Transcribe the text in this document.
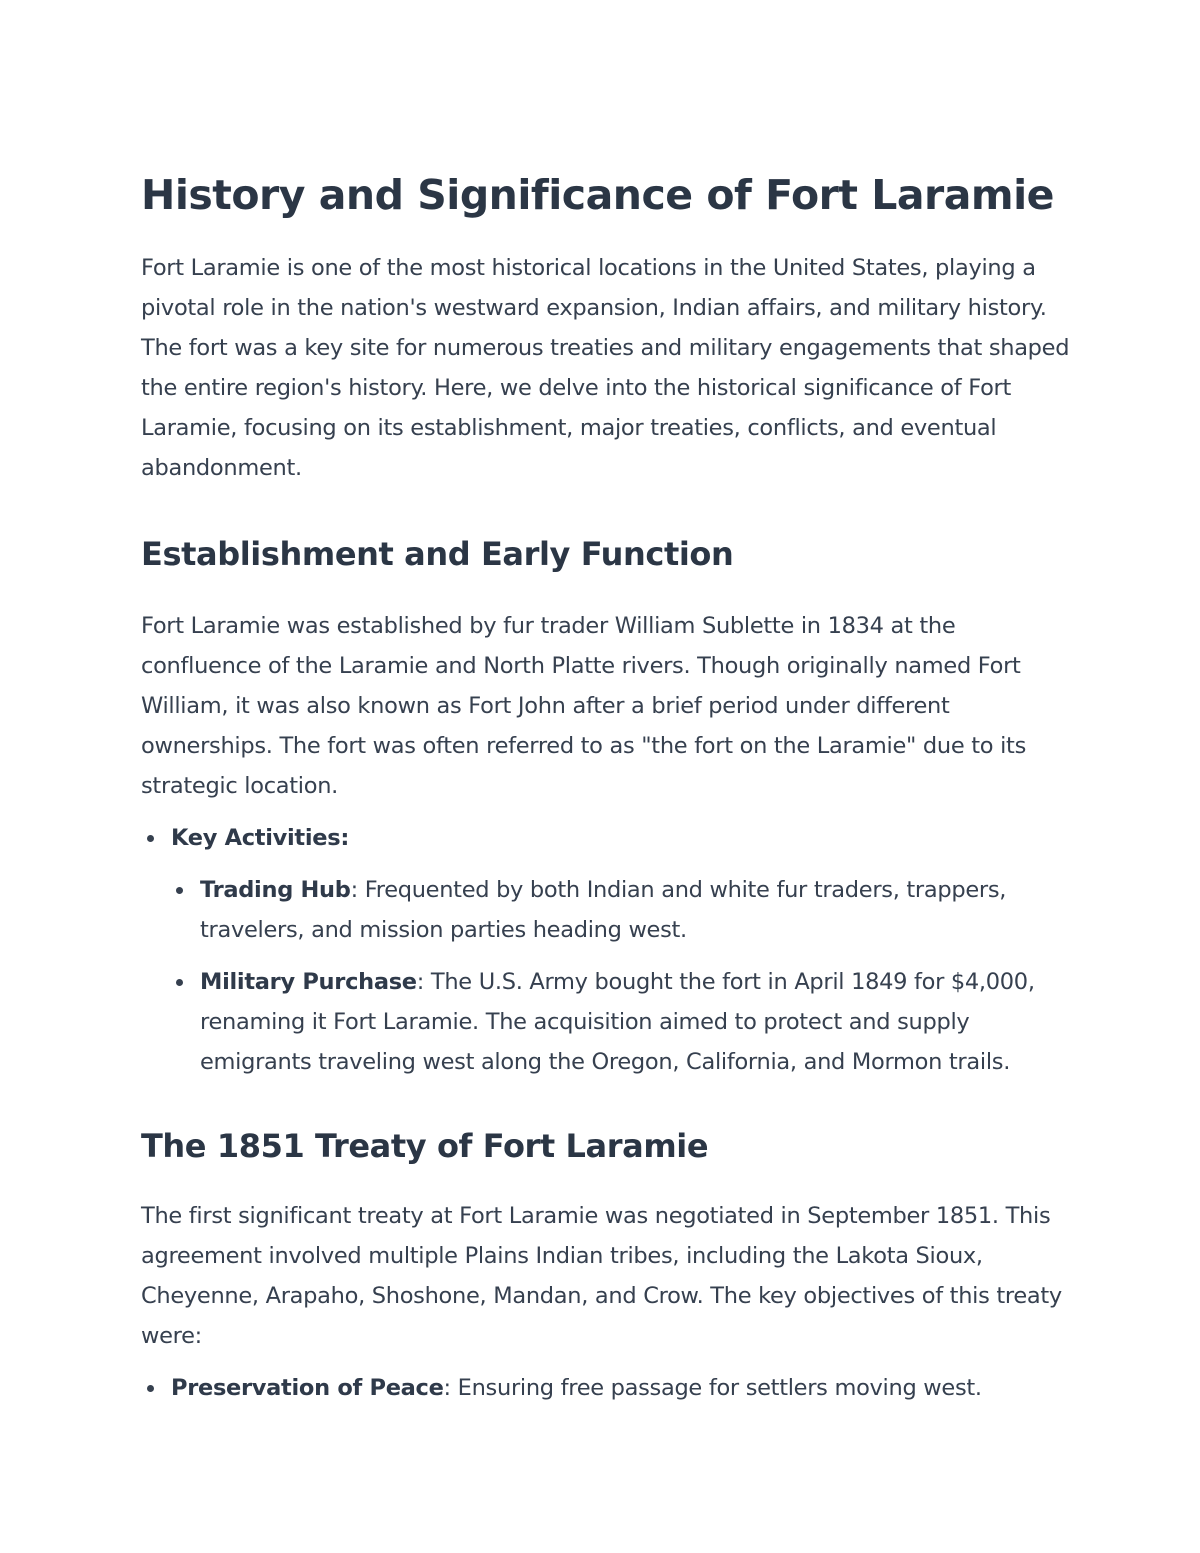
History and Significance of Fort Laramie

Fort Laramie is one of the most historical locations in the United States, playing a pivotal role in the nation's westward expansion, Indian affairs, and military history. The fort was a key site for numerous treaties and military engagements that shaped the entire region's history. Here, we delve into the historical significance of Fort Laramie, focusing on its establishment, major treaties, conflicts, and eventual abandonment.

Establishment and Early Function

Fort Laramie was established by fur trader William Sublette in 1834 at the confluence of the Laramie and North Platte rivers. Though originally named Fort William, it was also known as Fort John after a brief period under different ownerships. The fort was often referred to as "the fort on the Laramie" due to its strategic location.

Key Activities:
Trading Hub: Frequented by both Indian and white fur traders, trappers, travelers, and mission parties heading west.
Military Purchase: The U.S. Army bought the fort in April 1849 for $4,000, renaming it Fort Laramie. The acquisition aimed to protect and supply emigrants traveling west along the Oregon, California, and Mormon trails.
The 1851 Treaty of Fort Laramie

The first significant treaty at Fort Laramie was negotiated in September 1851. This agreement involved multiple Plains Indian tribes, including the Lakota Sioux, Cheyenne, Arapaho, Shoshone, Mandan, and Crow. The key objectives of this treaty were:

Preservation of Peace: Ensuring free passage for settlers moving west.
